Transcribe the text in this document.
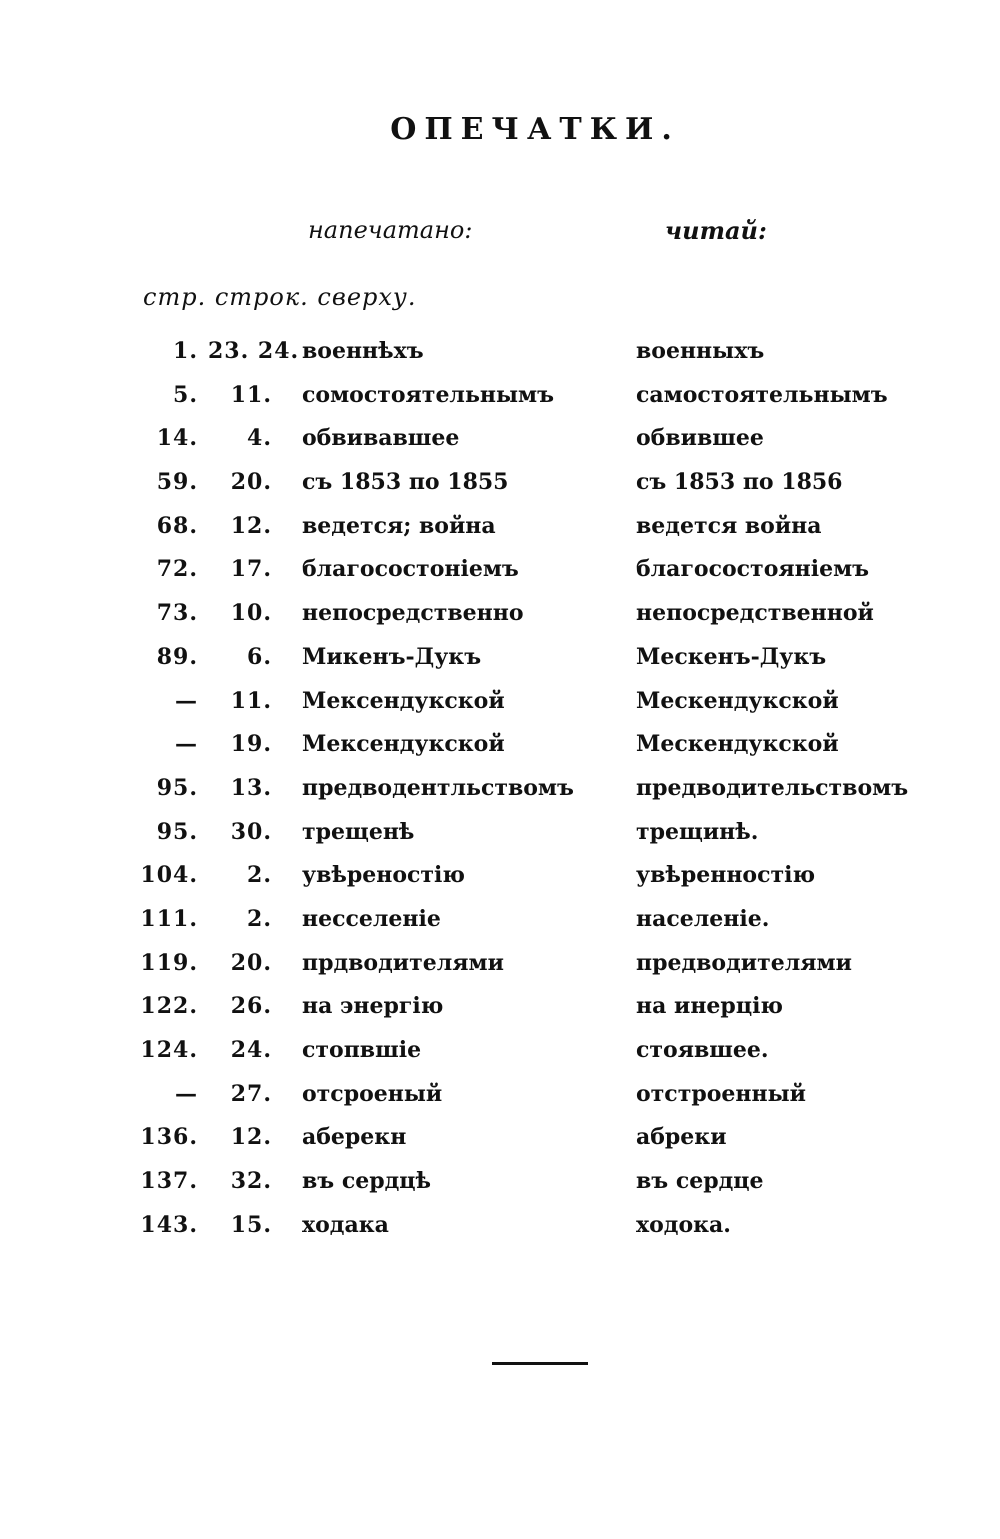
ОПЕЧАТКИ.
напечатано:	читай:
стр. строк. сверху.
1. 23. 24. военнѣхъ	военныхъ
5.	11. сомостоятельнымъ	самостоятельнымъ
14.	4. обвивавшее	обвившее
59.	20. съ 1853 по 1855	съ 1853 по 1856
68.	12. ведется; война	ведется война
72.	17. благосостоніемъ	благосостояніемъ
73.	10. непосредственно	непосредственной
89.	6. Микенъ-Дукъ	Мескенъ-Дукъ
—	11. Мексендукской	Мескендукской
—	19. Мексендукской	Мескендукской
95.	13. предводентльствомъ	предводительствомъ
95.	30. трещенѣ	трещинѣ.
104.	2. увѣреностію	увѣренностію
111.	2. несселеніе	населеніе.
119.	20. прдводителями	предводителями
122.	26. на энергію	на инерцію
124.	24. стопвшіе	стоявшее.
—	27. отсроеный	отстроенный
136.	12. аберекн	абреки
137.	32. въ сердцѣ	въ сердце
143.	15. ходака	ходока.
